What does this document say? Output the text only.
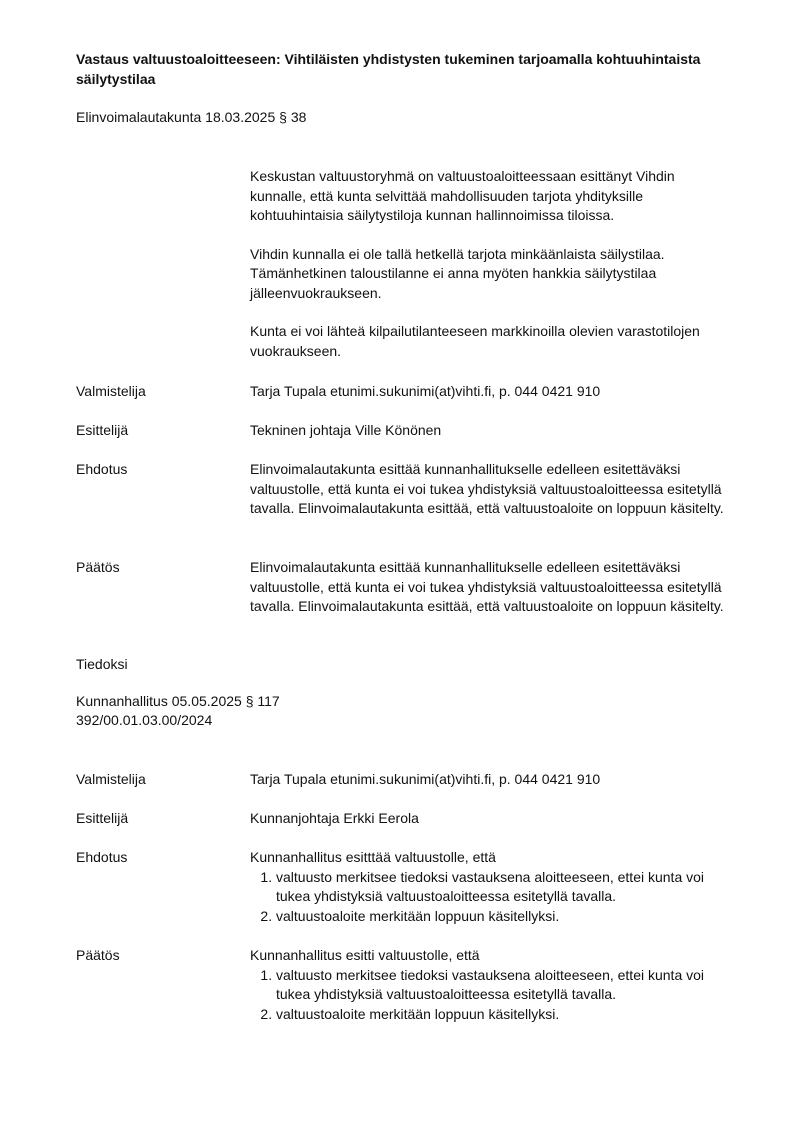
Vastaus valtuustoaloitteeseen: Vihtiläisten yhdistysten tukeminen tarjoamalla kohtuuhintaista säilytystilaa
Elinvoimalautakunta 18.03.2025 § 38

Keskustan valtuustoryhmä on valtuustoaloitteessaan esittänyt Vihdin kunnalle, että kunta selvittää mahdollisuuden tarjota yhdityksille kohtuuhintaisia säilytystiloja kunnan hallinnoimissa tiloissa.

Vihdin kunnalla ei ole tallä hetkellä tarjota minkäänlaista säilystilaa. Tämänhetkinen taloustilanne ei anna myöten hankkia säilytystilaa jälleenvuokraukseen.

Kunta ei voi lähteä kilpailutilanteeseen markkinoilla olevien varastotilojen vuokraukseen.

Valmistelija	Tarja Tupala etunimi.sukunimi(at)vihti.fi, p. 044 0421 910
Esittelijä	Tekninen johtaja Ville Könönen
Ehdotus	Elinvoimalautakunta esittää kunnanhallitukselle edelleen esitettäväksi valtuustolle, että kunta ei voi tukea yhdistyksiä valtuustoaloitteessa esitetyllä tavalla. Elinvoimalautakunta esittää, että valtuustoaloite on loppuun käsitelty.
Päätös	Elinvoimalautakunta esittää kunnanhallitukselle edelleen esitettäväksi valtuustolle, että kunta ei voi tukea yhdistyksiä valtuustoaloitteessa esitetyllä tavalla. Elinvoimalautakunta esittää, että valtuustoaloite on loppuun käsitelty.
Tiedoksi
Kunnanhallitus 05.05.2025 § 117
392/00.01.03.00/2024
Valmistelija	Tarja Tupala etunimi.sukunimi(at)vihti.fi, p. 044 0421 910
Esittelijä	Kunnanjohtaja Erkki Eerola
Ehdotus	Kunnanhallitus esitttää valtuustolle, että
1. valtuusto merkitsee tiedoksi vastauksena aloitteeseen, ettei kunta voi tukea yhdistyksiä valtuustoaloitteessa esitetyllä tavalla.
2. valtuustoaloite merkitään loppuun käsitellyksi.
Päätös	Kunnanhallitus esitti valtuustolle, että
1. valtuusto merkitsee tiedoksi vastauksena aloitteeseen, ettei kunta voi tukea yhdistyksiä valtuustoaloitteessa esitetyllä tavalla.
2. valtuustoaloite merkitään loppuun käsitellyksi.
